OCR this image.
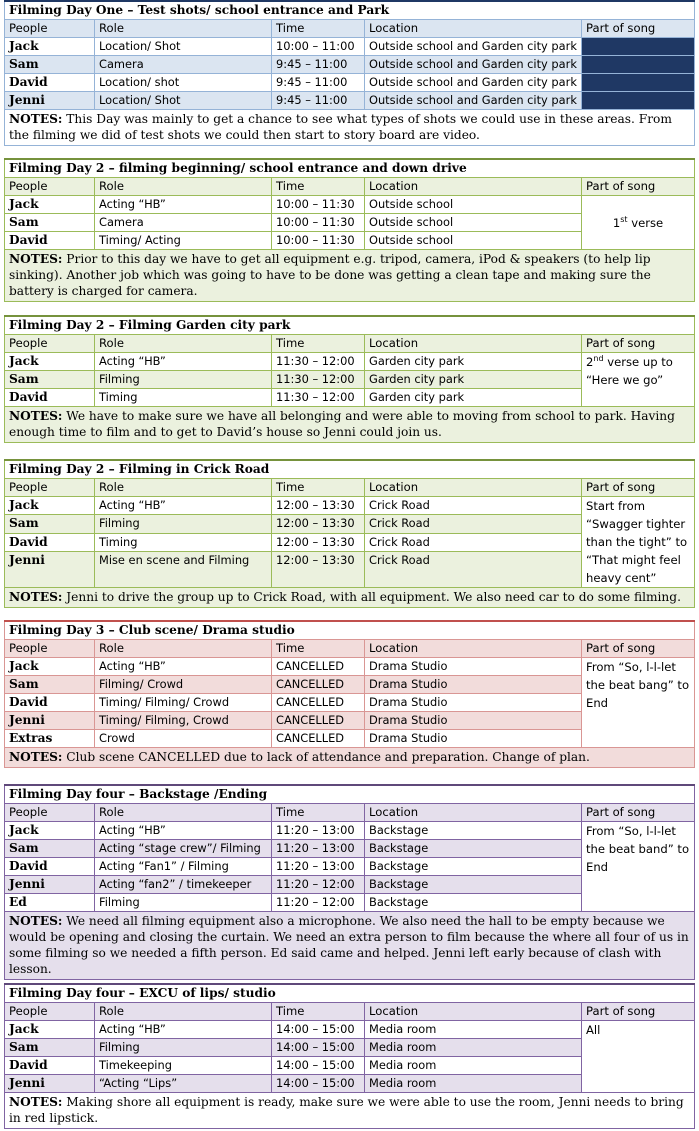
Filming Day One – Test shots/ school entrance and Park				
People	Role	Time	Location	Part of song
Jack	Location/ Shot	10:00 – 11:00	Outside school and Garden city park	
Sam	Camera	9:45 – 11:00	Outside school and Garden city park	
David	Location/ shot	9:45 – 11:00	Outside school and Garden city park	
Jenni	Location/ Shot	9:45 – 11:00	Outside school and Garden city park	
NOTES: This Day was mainly to get a chance to see what types of shots we could use in these areas. From the filming we did of test shots we could then start to story board are video.				
Filming Day 2 – filming beginning/ school entrance and down drive				
People	Role	Time	Location	Part of song
Jack	Acting “HB”	10:00 – 11:30	Outside school	1st verse
Sam	Camera	10:00 – 11:30	Outside school	
David	Timing/ Acting	10:00 – 11:30	Outside school	
NOTES: Prior to this day we have to get all equipment e.g. tripod, camera, iPod & speakers (to help lip sinking). Another job which was going to have to be done was getting a clean tape and making sure the battery is charged for camera.				
Filming Day 2 – Filming Garden city park				
People	Role	Time	Location	Part of song
Jack	Acting “HB”	11:30 – 12:00	Garden city park	2nd verse up to “Here we go”
Sam	Filming	11:30 – 12:00	Garden city park	
David	Timing	11:30 – 12:00	Garden city park	
NOTES: We have to make sure we have all belonging and were able to moving from school to park. Having enough time to film and to get to David’s house so Jenni could join us.				
Filming Day 2 – Filming in Crick Road				
People	Role	Time	Location	Part of song
Jack	Acting “HB”	12:00 – 13:30	Crick Road	Start from “Swagger tighter than the tight” to “That might feel heavy cent”
Sam	Filming	12:00 – 13:30	Crick Road	
David	Timing	12:00 – 13:30	Crick Road	
Jenni	Mise en scene and Filming	12:00 – 13:30	Crick Road	
NOTES: Jenni to drive the group up to Crick Road, with all equipment. We also need car to do some filming.				
Filming Day 3 – Club scene/ Drama studio				
People	Role	Time	Location	Part of song
Jack	Acting “HB”	CANCELLED	Drama Studio	From “So, l-l-let the beat bang” to End
Sam	Filming/ Crowd	CANCELLED	Drama Studio	
David	Timing/ Filming/ Crowd	CANCELLED	Drama Studio	
Jenni	Timing/ Filming, Crowd	CANCELLED	Drama Studio	
Extras	Crowd	CANCELLED	Drama Studio	
NOTES: Club scene CANCELLED due to lack of attendance and preparation. Change of plan.				
Filming Day four – Backstage /Ending				
People	Role	Time	Location	Part of song
Jack	Acting “HB”	11:20 – 13:00	Backstage	From “So, l-l-let the beat band” to End
Sam	Acting “stage crew”/ Filming	11:20 – 13:00	Backstage	
David	Acting “Fan1” / Filming	11:20 – 13:00	Backstage	
Jenni	Acting “fan2” / timekeeper	11:20 – 12:00	Backstage	
Ed	Filming	11:20 – 12:00	Backstage	
NOTES: We need all filming equipment also a microphone. We also need the hall to be empty because we would be opening and closing the curtain. We need an extra person to film because the where all four of us in some filming so we needed a fifth person. Ed said came and helped. Jenni left early because of clash with lesson.				
Filming Day four – EXCU of lips/ studio				
People	Role	Time	Location	Part of song
Jack	Acting “HB”	14:00 – 15:00	Media room	All
Sam	Filming	14:00 – 15:00	Media room	
David	Timekeeping	14:00 – 15:00	Media room	
Jenni	“Acting “Lips”	14:00 – 15:00	Media room	
NOTES: Making shore all equipment is ready, make sure we were able to use the room, Jenni needs to bring in red lipstick.				
